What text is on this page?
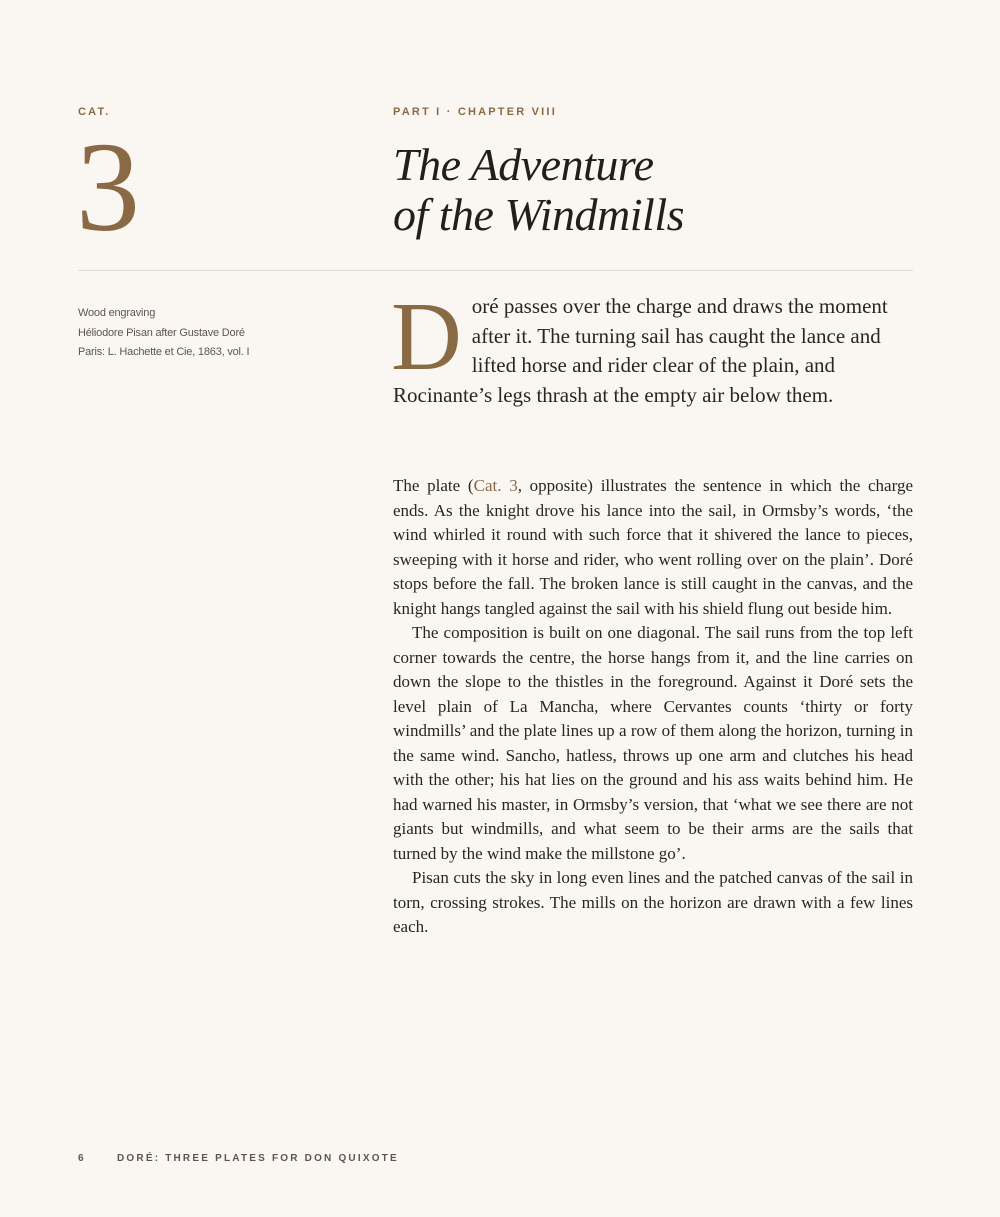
CAT.
3
PART I · CHAPTER VIII
The Adventure
of the Windmills
Wood engraving
Héliodore Pisan after Gustave Doré
Paris: L. Hachette et Cie, 1863, vol. I	Doré passes over the charge and draws the moment after it. The turning sail has caught the lance and lifted horse and rider clear of the plain, and Rocinante’s legs thrash at the empty air below them.

The plate (Cat. 3, opposite) illustrates the sentence in which the charge ends. As the knight drove his lance into the sail, in Ormsby’s words, ‘the wind whirled it round with such force that it shivered the lance to pieces, sweeping with it horse and rider, who went rolling over on the plain’. Doré stops before the fall. The broken lance is still caught in the canvas, and the knight hangs tangled against the sail with his shield flung out beside him.

The composition is built on one diagonal. The sail runs from the top left corner towards the centre, the horse hangs from it, and the line carries on down the slope to the thistles in the foreground. Against it Doré sets the level plain of La Mancha, where Cervantes counts ‘thirty or forty windmills’ and the plate lines up a row of them along the horizon, turning in the same wind. Sancho, hatless, throws up one arm and clutches his head with the other; his hat lies on the ground and his ass waits behind him. He had warned his master, in Ormsby’s version, that ‘what we see there are not giants but windmills, and what seem to be their arms are the sails that turned by the wind make the millstone go’.

Pisan cuts the sky in long even lines and the patched canvas of the sail in torn, crossing strokes. The mills on the horizon are drawn with a few lines each.

6	DORÉ: THREE PLATES FOR DON QUIXOTE
